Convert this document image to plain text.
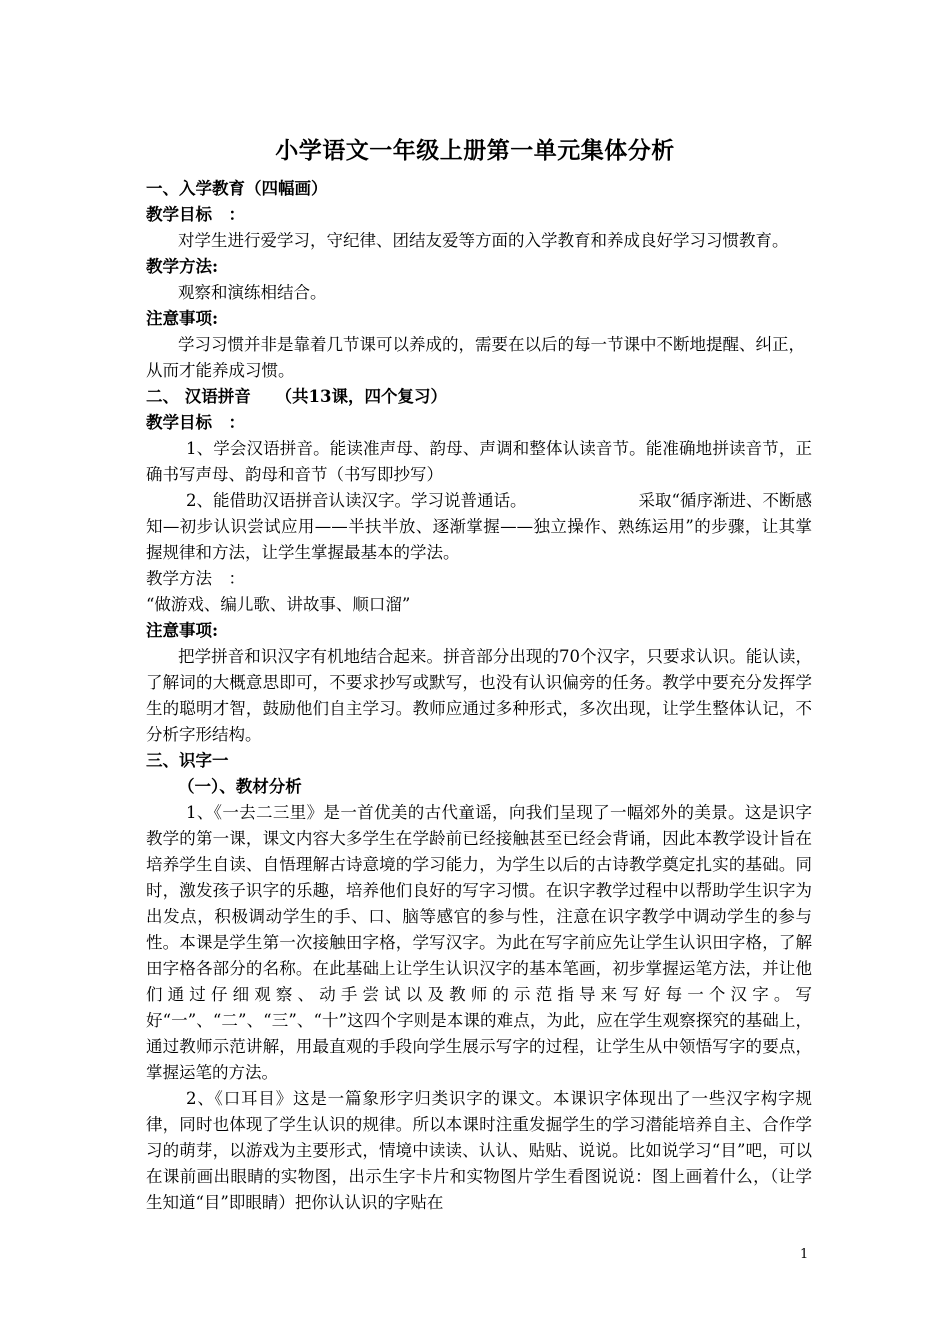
小学语文一年级上册第一单元集体分析

一、入学教育（四幅画）

教学目标　：

对学生进行爱学习，守纪律、团结友爱等方面的入学教育和养成良好学习习惯教育。

教学方法:

观察和演练相结合。

注意事项:

学习习惯并非是靠着几节课可以养成的，需要在以后的每一节课中不断地提醒、纠正，从而才能养成习惯。

二、 汉语拼音　　（共13课，四个复习）

教学目标　：

1、学会汉语拼音。能读准声母、韵母、声调和整体认读音节。能准确地拼读音节，正确书写声母、韵母和音节（书写即抄写）

2、能借助汉语拼音认读汉字。学习说普通话。	采取“循序渐进、不断感知—初步认识尝试应用——半扶半放、逐渐掌握——独立操作、熟练运用”的步骤，让其掌握规律和方法，让学生掌握最基本的学法。

教学方法　：

“做游戏、编儿歌、讲故事、顺口溜”

注意事项:

把学拼音和识汉字有机地结合起来。拼音部分出现的70个汉字，只要求认识。能认读，了解词的大概意思即可，不要求抄写或默写，也没有认识偏旁的任务。教学中要充分发挥学生的聪明才智，鼓励他们自主学习。教师应通过多种形式，多次出现，让学生整体认记，不分析字形结构。

三、识字一

（一）、教材分析

1、《一去二三里》是一首优美的古代童谣，向我们呈现了一幅郊外的美景。这是识字教学的第一课，课文内容大多学生在学龄前已经接触甚至已经会背诵，因此本教学设计旨在培养学生自读、自悟理解古诗意境的学习能力，为学生以后的古诗教学奠定扎实的基础。同时，激发孩子识字的乐趣，培养他们良好的写字习惯。在识字教学过程中以帮助学生识字为出发点，积极调动学生的手、口、脑等感官的参与性，注意在识字教学中调动学生的参与性。本课是学生第一次接触田字格，学写汉字。为此在写字前应先让学生认识田字格，了解田字格各部分的名称。在此基础上让学生认识汉字的基本笔画，初步掌握运笔方法，并让他们通过仔细观察、动手尝试以及教师的示范指导来写好每一个汉字。写好“一”、“二”、“三”、“十”这四个字则是本课的难点，为此，应在学生观察探究的基础上，通过教师示范讲解，用最直观的手段向学生展示写字的过程，让学生从中领悟写字的要点，掌握运笔的方法。

2、《口耳目》这是一篇象形字归类识字的课文。本课识字体现出了一些汉字构字规律，同时也体现了学生认识的规律。所以本课时注重发掘学生的学习潜能培养自主、合作学习的萌芽，以游戏为主要形式，情境中读读、认认、贴贴、说说。比如说学习“目”吧，可以在课前画出眼睛的实物图，出示生字卡片和实物图片学生看图说说：图上画着什么，（让学生知道“目”即眼睛）把你认认识的字贴在

1
